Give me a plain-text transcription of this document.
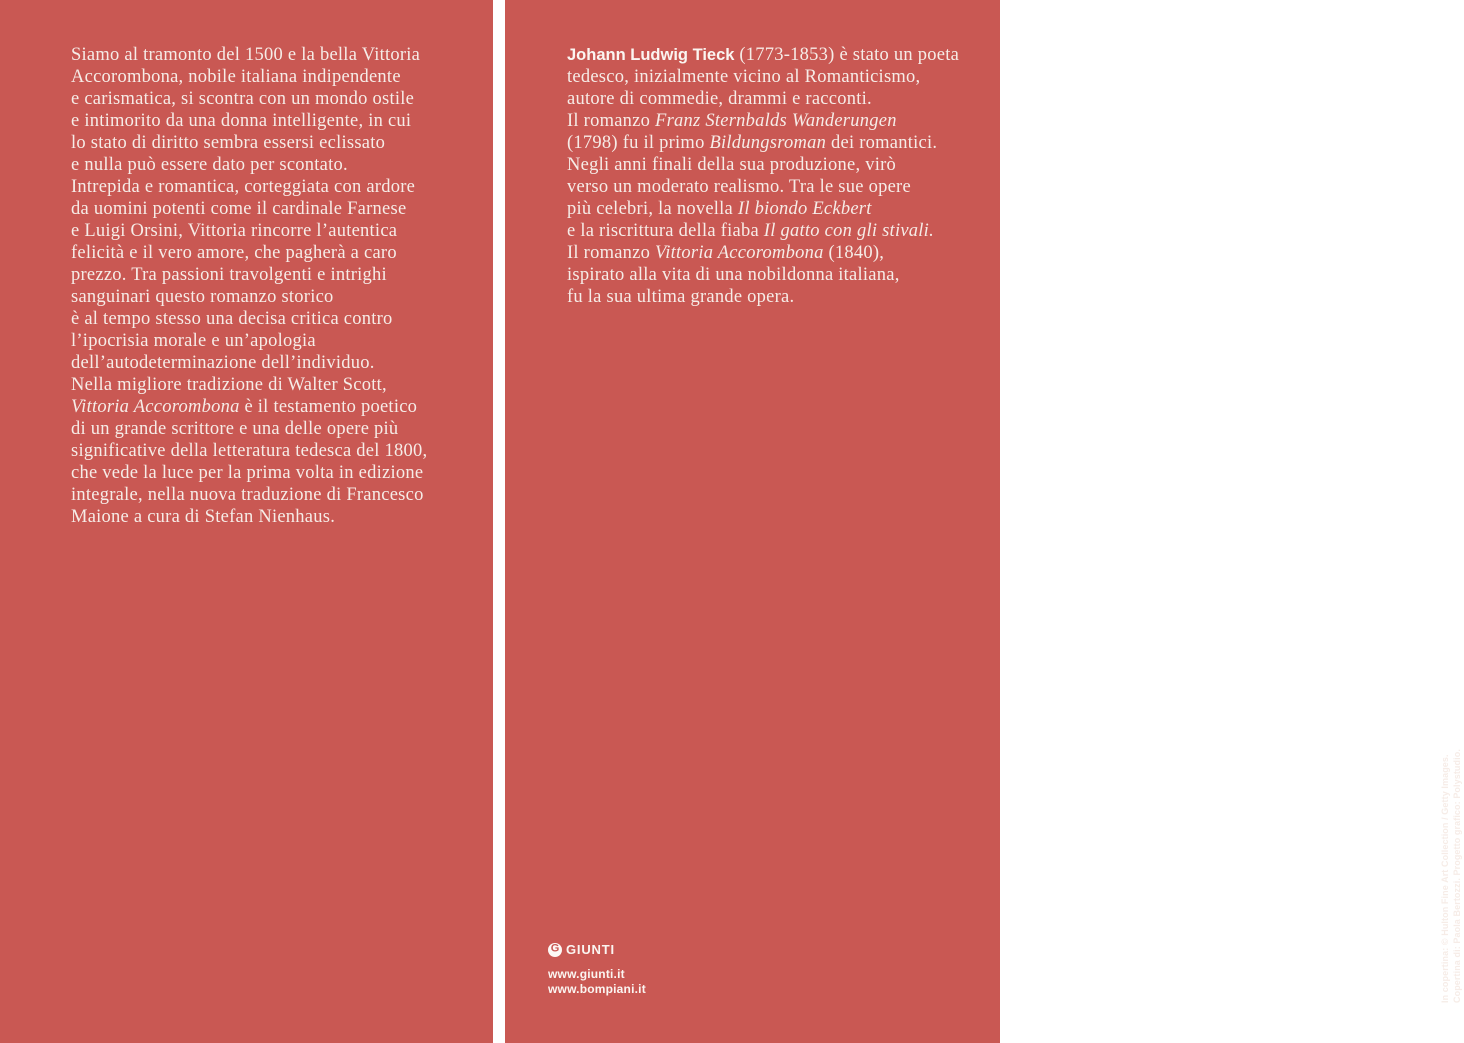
Siamo al tramonto del 1500 e la bella Vittoria
Accorombona, nobile italiana indipendente
e carismatica, si scontra con un mondo ostile
e intimorito da una donna intelligente, in cui
lo stato di diritto sembra essersi eclissato
e nulla può essere dato per scontato.
Intrepida e romantica, corteggiata con ardore
da uomini potenti come il cardinale Farnese
e Luigi Orsini, Vittoria rincorre l’autentica
felicità e il vero amore, che pagherà a caro
prezzo. Tra passioni travolgenti e intrighi
sanguinari questo romanzo storico
è al tempo stesso una decisa critica contro
l’ipocrisia morale e un’apologia
dell’autodeterminazione dell’individuo.
Nella migliore tradizione di Walter Scott,
Vittoria Accorombona è il testamento poetico
di un grande scrittore e una delle opere più
significative della letteratura tedesca del 1800,
che vede la luce per la prima volta in edizione
integrale, nella nuova traduzione di Francesco
Maione a cura di Stefan Nienhaus.
Johann Ludwig Tieck (1773-1853) è stato un poeta
tedesco, inizialmente vicino al Romanticismo,
autore di commedie, drammi e racconti.
Il romanzo Franz Sternbalds Wanderungen
(1798) fu il primo Bildungsroman dei romantici.
Negli anni finali della sua produzione, virò
verso un moderato realismo. Tra le sue opere
più celebri, la novella Il biondo Eckbert
e la riscrittura della fiaba Il gatto con gli stivali.
Il romanzo Vittoria Accorombona (1840),
ispirato alla vita di una nobildonna italiana,
fu la sua ultima grande opera.
G GIUNTI
www.giunti.it
www.bompiani.it	In copertina: © Hulton Fine Art Collection / Getty Images. Copertina di: Paola Bertozzi. Progetto grafico: Polystudio.
